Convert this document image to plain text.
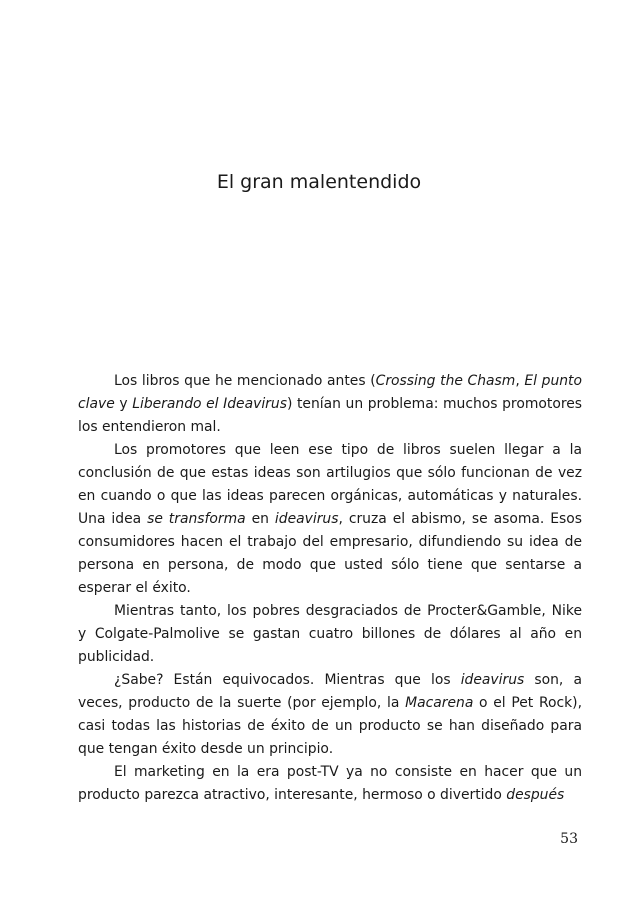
El gran malentendido

Los libros que he mencionado antes (Crossing the Chasm, El punto clave y Liberando el Ideavirus) tenían un problema: muchos promotores los entendieron mal.

Los promotores que leen ese tipo de libros suelen llegar a la conclusión de que estas ideas son artilugios que sólo funcionan de vez en cuando o que las ideas parecen orgánicas, automáticas y naturales. Una idea se transforma en ideavirus, cruza el abismo, se asoma. Esos consumidores hacen el trabajo del empresario, difundiendo su idea de persona en persona, de modo que usted sólo tiene que sentarse a esperar el éxito.

Mientras tanto, los pobres desgraciados de Procter&Gamble, Nike y Colgate-Palmolive se gastan cuatro billones de dólares al año en publicidad.

¿Sabe? Están equivocados. Mientras que los ideavirus son, a veces, producto de la suerte (por ejemplo, la Macarena o el Pet Rock), casi todas las historias de éxito de un producto se han diseñado para que tengan éxito desde un principio.

El marketing en la era post-TV ya no consiste en hacer que un producto parezca atractivo, interesante, hermoso o divertido después

53
